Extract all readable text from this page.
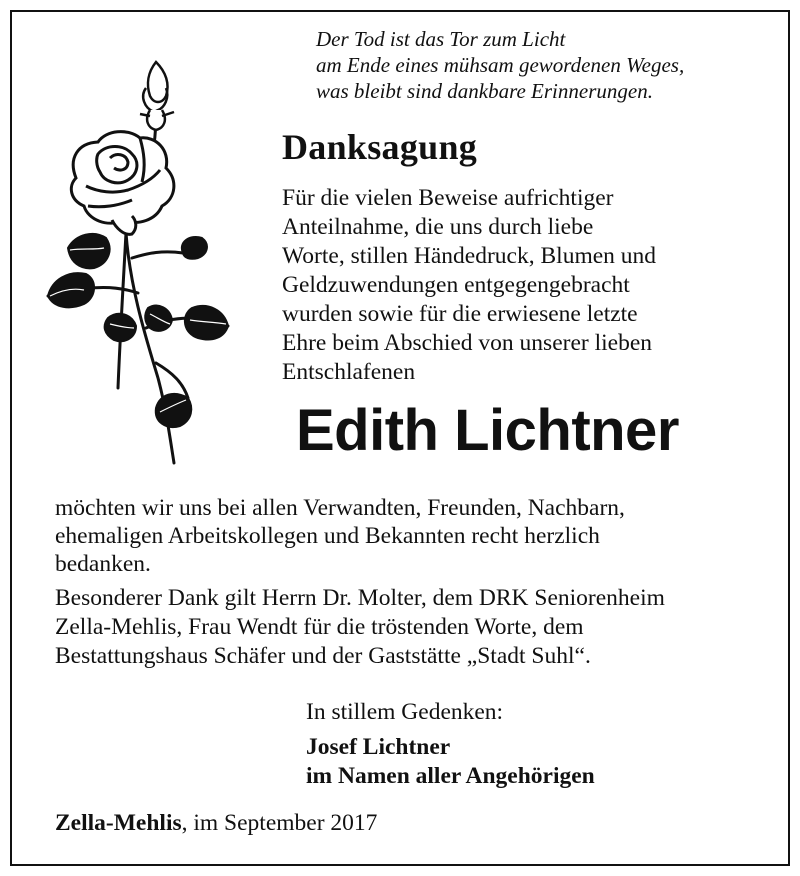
Der Tod ist das Tor zum Licht
am Ende eines mühsam gewordenen Weges,
was bleibt sind dankbare Erinnerungen.
Danksagung
Für die vielen Beweise aufrichtiger
Anteilnahme, die uns durch liebe
Worte, stillen Händedruck, Blumen und
Geldzuwendungen entgegengebracht
wurden sowie für die erwiesene letzte
Ehre beim Abschied von unserer lieben
Entschlafenen
Edith Lichtner
möchten wir uns bei allen Verwandten, Freunden, Nachbarn,
ehemaligen Arbeitskollegen und Bekannten recht herzlich
bedanken.
Besonderer Dank gilt Herrn Dr. Molter, dem DRK Seniorenheim
Zella-Mehlis, Frau Wendt für die tröstenden Worte, dem
Bestattungshaus Schäfer und der Gaststätte „Stadt Suhl“.
In stillem Gedenken:
Josef Lichtner
im Namen aller Angehörigen
Zella-Mehlis, im September 2017
